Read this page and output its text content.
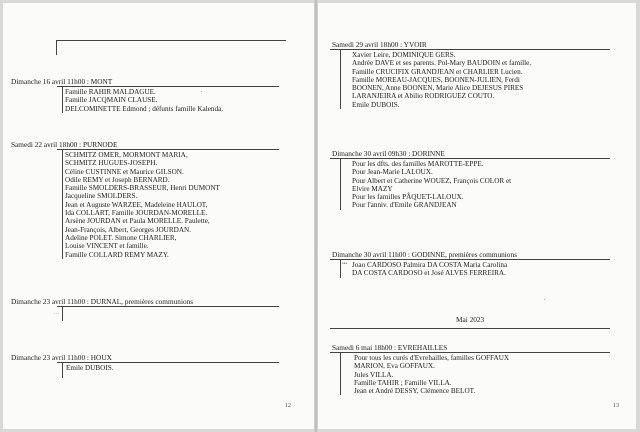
Dimanche 16 avril 11h00 : MONT
Famille RAHIR MALDAGUE.
Famille JACQMAIN CLAUSE.
DELCOMINETTE Edmond ; défunts famille Kalenda.
Samedi 22 avril 18h00 : PURNODE
SCHMITZ OMER, MORMONT MARIA,
SCHMITZ HUGUES-JOSEPH.
Céline CUSTINNE et Maurice GILSON.
Odile REMY et Joseph BERNARD.
Famille SMOLDERS-BRASSEUR, Henri DUMONT
Jacqueline SMOLDERS.
Jean et Auguste WARZEE, Madeleine HAULOT,
Ida COLLART, Famille JOURDAN-MORELLE.
Arsène JOURDAN et Paula MORELLE. Paulette,
Jean-François, Albert, Georges JOURDAN.
Adeline POLET. Simone CHARLIER,
Louise VINCENT et famille.
Famille COLLARD REMY MAZY.
Dimanche 23 avril 11h00 : DURNAL, premières communions
…
Dimanche 23 avril 11h00 : HOUX
Emile DUBOIS.
12
Samedi 29 avril 18h00 : YVOIR
Xavier Leire, DOMINIQUE GERS.
Andrée DAVE et ses parents. Pol-Mary BAUDOIN et famille.
Famille CRUCIFIX GRANDJEAN et CHARLIER Lucien.
Famille MOREAU-JACQUES, BOONEN-JULIEN, Ferdi
BOONEN, Anne BOONEN, Marie Alice DEJESUS PIRES
LARANJEIRA et Abilio RODRIGUEZ COUTO.
Emile DUBOIS.
Dimanche 30 avril 09h30 : DORINNE
Pour les dfts. des familles MAROTTE-EPPE.
Pour Jean-Marie LALOUX.
Pour Albert et Catherine WOUEZ, François COLOR et
Elvire MAZY
Pour les familles PÂQUET-LALOUX.
Pour l'anniv. d'Emile GRANDJEAN
Dimanche 30 avril 11h00 : GODINNE, premières communions
••• Joao CARDOSO Palmira DA COSTA Maria Carolina
DA COSTA CARDOSO et José ALVES FERREIRA.
Mai 2023
Samedi 6 mai 18h00 : EVREHAILLES
Pour tous les curés d'Evrehailles, familles GOFFAUX
MARION, Eva GOFFAUX.
Jules VILLA.
Famille TAHIR ; Famille VILLA.
Jean et André DESSY, Clémence BELOT.
13
